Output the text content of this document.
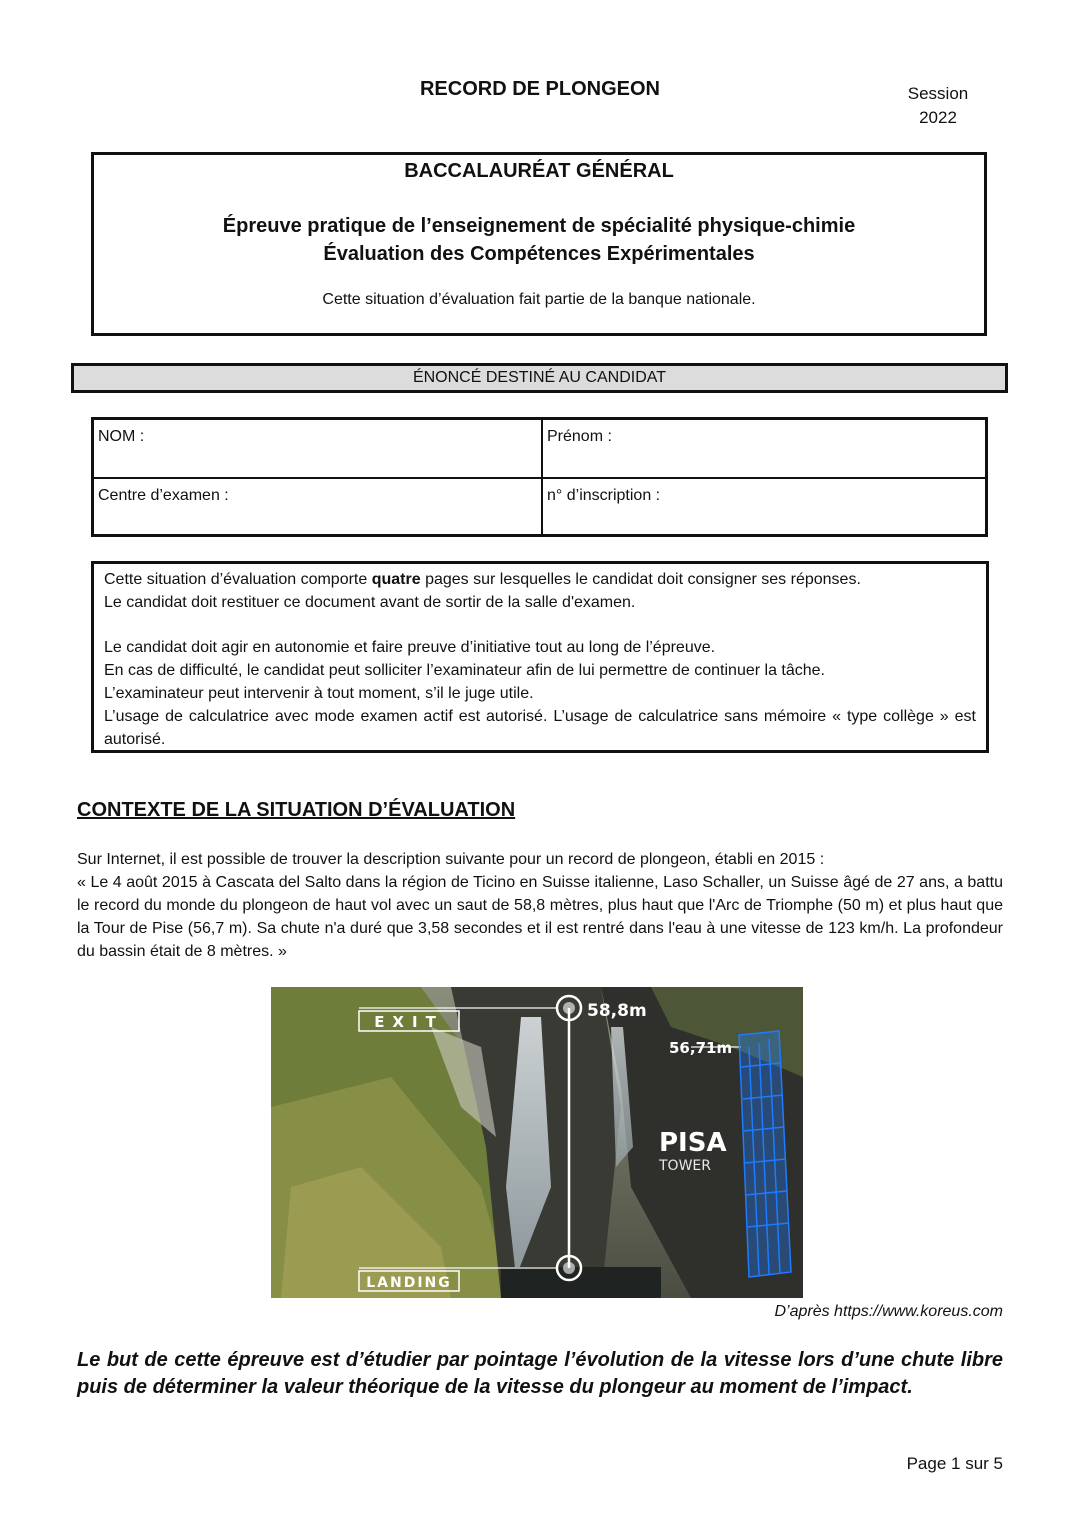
RECORD DE PLONGEON	Session
2022
BACCALAURÉAT GÉNÉRAL
Épreuve pratique de l’enseignement de spécialité physique-chimie
Évaluation des Compétences Expérimentales
Cette situation d’évaluation fait partie de la banque nationale.
ÉNONCÉ DESTINÉ AU CANDIDAT
NOM :	Prénom :
Centre d’examen :	n° d’inscription :

Cette situation d’évaluation comporte quatre pages sur lesquelles le candidat doit consigner ses réponses.

Le candidat doit restituer ce document avant de sortir de la salle d'examen.

Le candidat doit agir en autonomie et faire preuve d’initiative tout au long de l’épreuve.

En cas de difficulté, le candidat peut solliciter l’examinateur afin de lui permettre de continuer la tâche.

L’examinateur peut intervenir à tout moment, s’il le juge utile.

L’usage de calculatrice avec mode examen actif est autorisé. L’usage de calculatrice sans mémoire « type collège » est autorisé.

CONTEXTE DE LA SITUATION D’ÉVALUATION

Sur Internet, il est possible de trouver la description suivante pour un record de plongeon, établi en 2015 :

« Le 4 août 2015 à Cascata del Salto dans la région de Ticino en Suisse italienne, Laso Schaller, un Suisse âgé de 27 ans, a battu le record du monde du plongeon de haut vol avec un saut de 58,8 mètres, plus haut que l'Arc de Triomphe (50 m) et plus haut que la Tour de Pise (56,7 m). Sa chute n'a duré que 3,58 secondes et il est rentré dans l'eau à une vitesse de 123 km/h. La profondeur du bassin était de 8 mètres. »

EXIT
LANDING
58,8m
56,71m
PISA
TOWER
D’après https://www.koreus.com
Le but de cette épreuve est d’étudier par pointage l’évolution de la vitesse lors d’une chute libre puis de déterminer la valeur théorique de la vitesse du plongeur au moment de l’impact.
Page 1 sur 5
